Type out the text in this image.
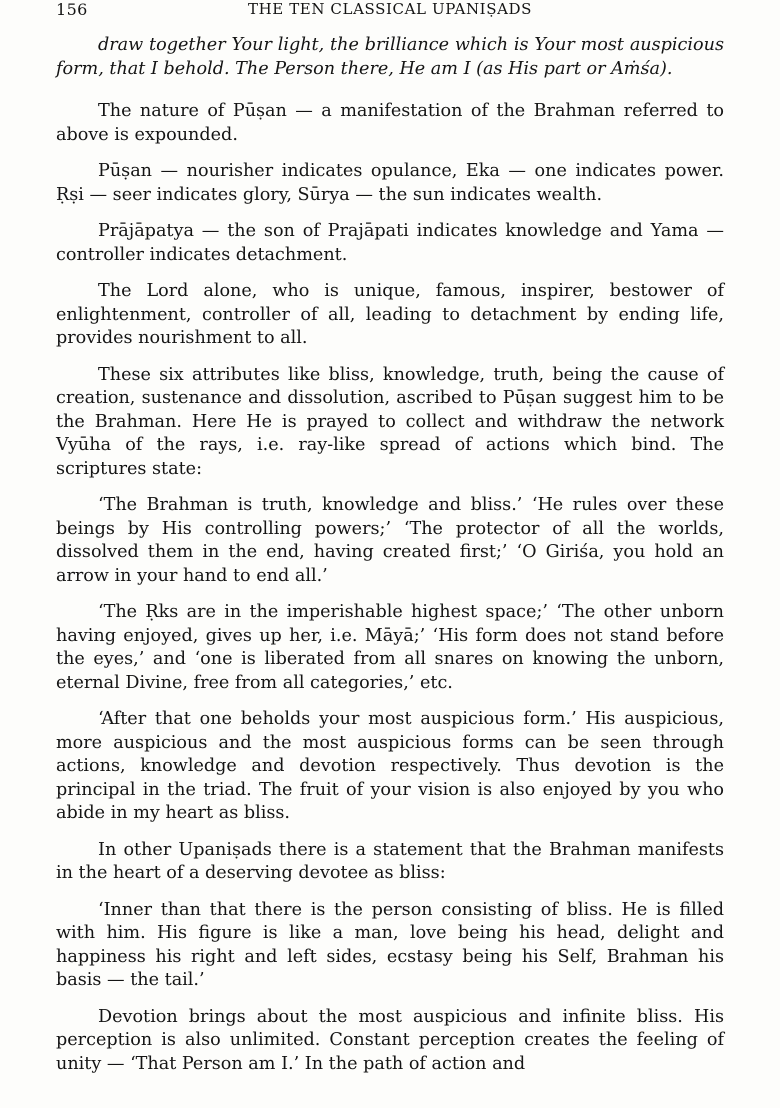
156	THE TEN CLASSICAL UPANIṢADS

draw together Your light, the brilliance which is Your most auspicious form, that I behold. The Person there, He am I (as His part or Aṁśa).

The nature of Pūṣan — a manifestation of the Brahman referred to above is expounded.

Pūṣan — nourisher indicates opulance, Eka — one indicates power. Ṛṣi — seer indicates glory, Sūrya — the sun indicates wealth.

Prājāpatya — the son of Prajāpati indicates knowledge and Yama — controller indicates detachment.

The Lord alone, who is unique, famous, inspirer, bestower of enlightenment, controller of all, leading to detachment by ending life, provides nourishment to all.

These six attributes like bliss, knowledge, truth, being the cause of creation, sustenance and dissolution, ascribed to Pūṣan suggest him to be the Brahman. Here He is prayed to collect and withdraw the network Vyūha of the rays, i.e. ray-like spread of actions which bind. The scriptures state:

‘The Brahman is truth, knowledge and bliss.’ ‘He rules over these beings by His controlling powers;’ ‘The protector of all the worlds, dissolved them in the end, having created first;’ ‘O Giriśa, you hold an arrow in your hand to end all.’

‘The Ṛks are in the imperishable highest space;’ ‘The other unborn having enjoyed, gives up her, i.e. Māyā;’ ‘His form does not stand before the eyes,’ and ‘one is liberated from all snares on knowing the unborn, eternal Divine, free from all categories,’ etc.

‘After that one beholds your most auspicious form.’ His auspicious, more auspicious and the most auspicious forms can be seen through actions, knowledge and devotion respectively. Thus devotion is the principal in the triad. The fruit of your vision is also enjoyed by you who abide in my heart as bliss.

In other Upaniṣads there is a statement that the Brahman manifests in the heart of a deserving devotee as bliss:

‘Inner than that there is the person consisting of bliss. He is filled with him. His figure is like a man, love being his head, delight and happiness his right and left sides, ecstasy being his Self, Brahman his basis — the tail.’

Devotion brings about the most auspicious and infinite bliss. His perception is also unlimited. Constant perception creates the feeling of unity — ‘That Person am I.’ In the path of action and
